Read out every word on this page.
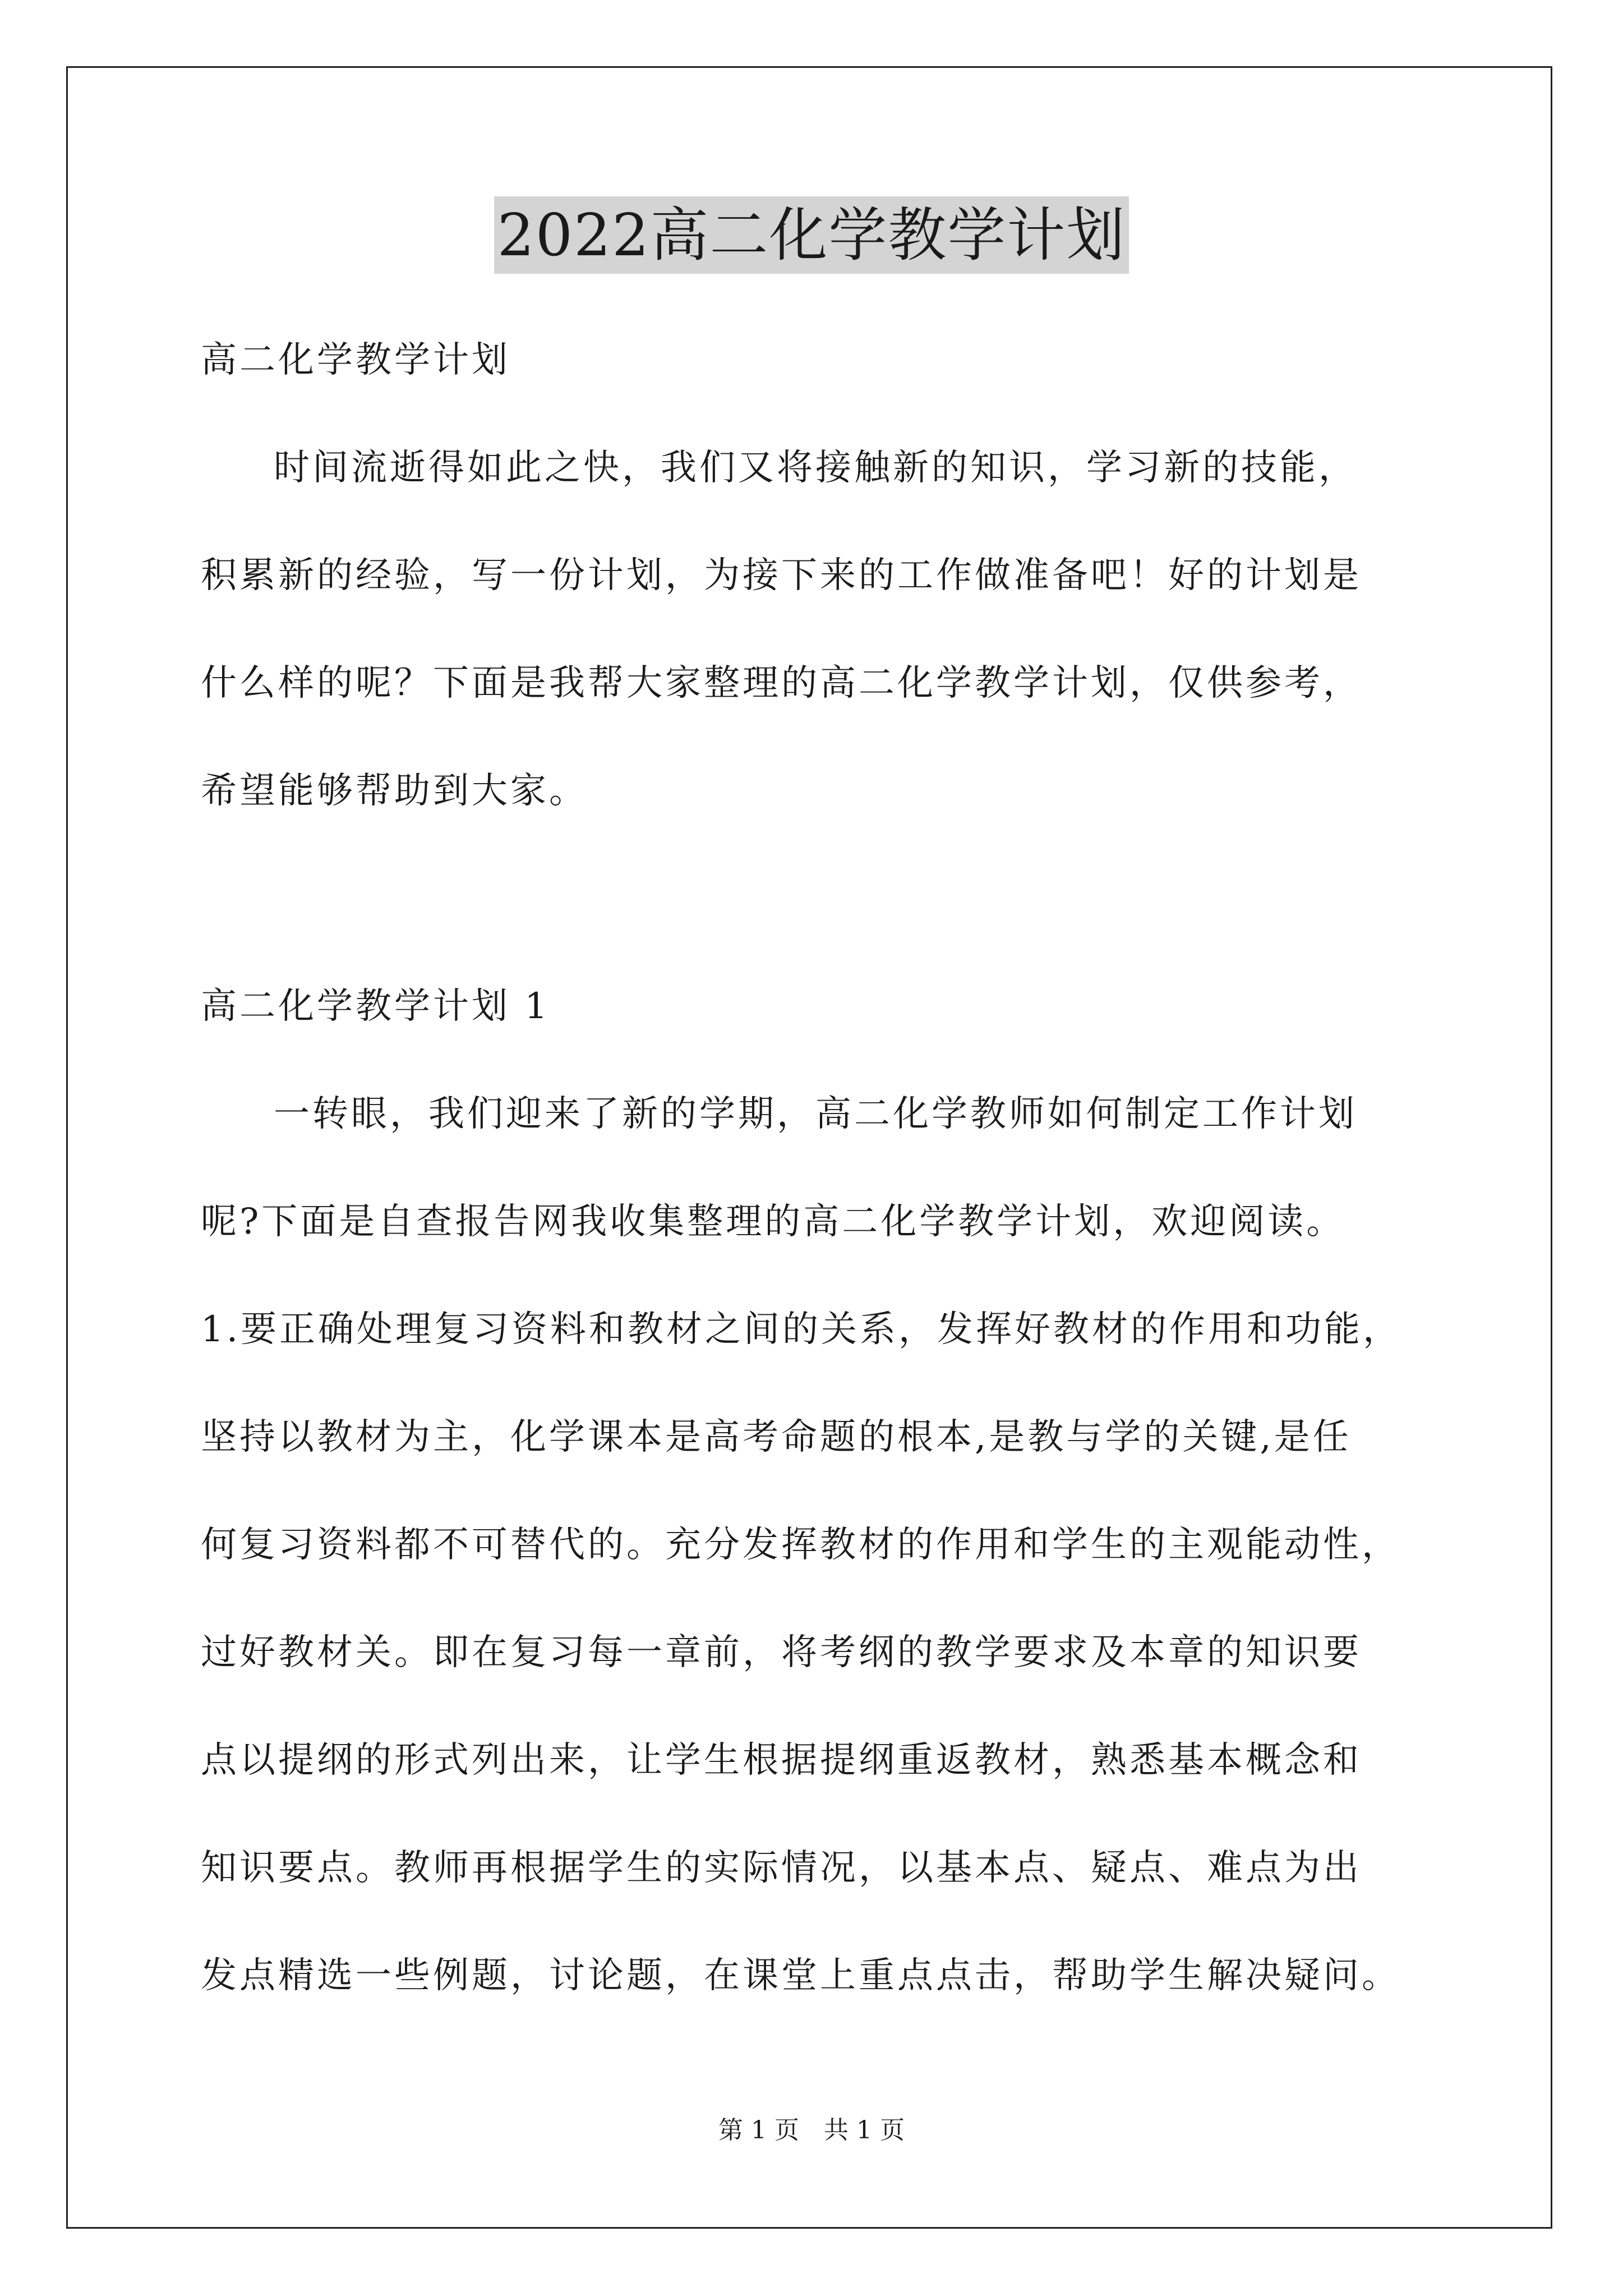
2022高二化学教学计划
高二化学教学计划
时间流逝得如此之快，我们又将接触新的知识，学习新的技能，
积累新的经验，写一份计划，为接下来的工作做准备吧！好的计划是
什么样的呢？下面是我帮大家整理的高二化学教学计划，仅供参考，
希望能够帮助到大家。
高二化学教学计划 1
一转眼，我们迎来了新的学期，高二化学教师如何制定工作计划
呢?下面是自查报告网我收集整理的高二化学教学计划，欢迎阅读。
1.要正确处理复习资料和教材之间的关系，发挥好教材的作用和功能，
坚持以教材为主，化学课本是高考命题的根本,是教与学的关键,是任
何复习资料都不可替代的。充分发挥教材的作用和学生的主观能动性，
过好教材关。即在复习每一章前，将考纲的教学要求及本章的知识要
点以提纲的形式列出来，让学生根据提纲重返教材，熟悉基本概念和
知识要点。教师再根据学生的实际情况，以基本点、疑点、难点为出
发点精选一些例题，讨论题，在课堂上重点点击，帮助学生解决疑问。
第 1 页　共 1 页
